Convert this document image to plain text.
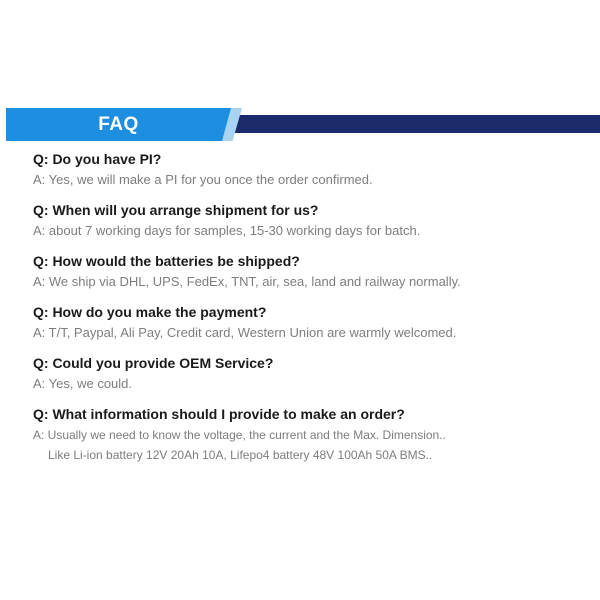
FAQ
Q: Do you have PI?
A: Yes, we will make a PI for you once the order confirmed.
Q: When will you arrange shipment for us?
A: about 7 working days for samples, 15-30 working days for batch.
Q: How would the batteries be shipped?
A: We ship via DHL, UPS, FedEx, TNT, air, sea, land and railway normally.
Q: How do you make the payment?
A: T/T, Paypal, Ali Pay, Credit card, Western Union are warmly welcomed.
Q: Could you provide OEM Service?
A: Yes, we could.
Q: What information should I provide to make an order?
A: Usually we need to know the voltage, the current and the Max. Dimension..
Like Li-ion battery 12V 20Ah 10A, Lifepo4 battery 48V 100Ah 50A BMS..
